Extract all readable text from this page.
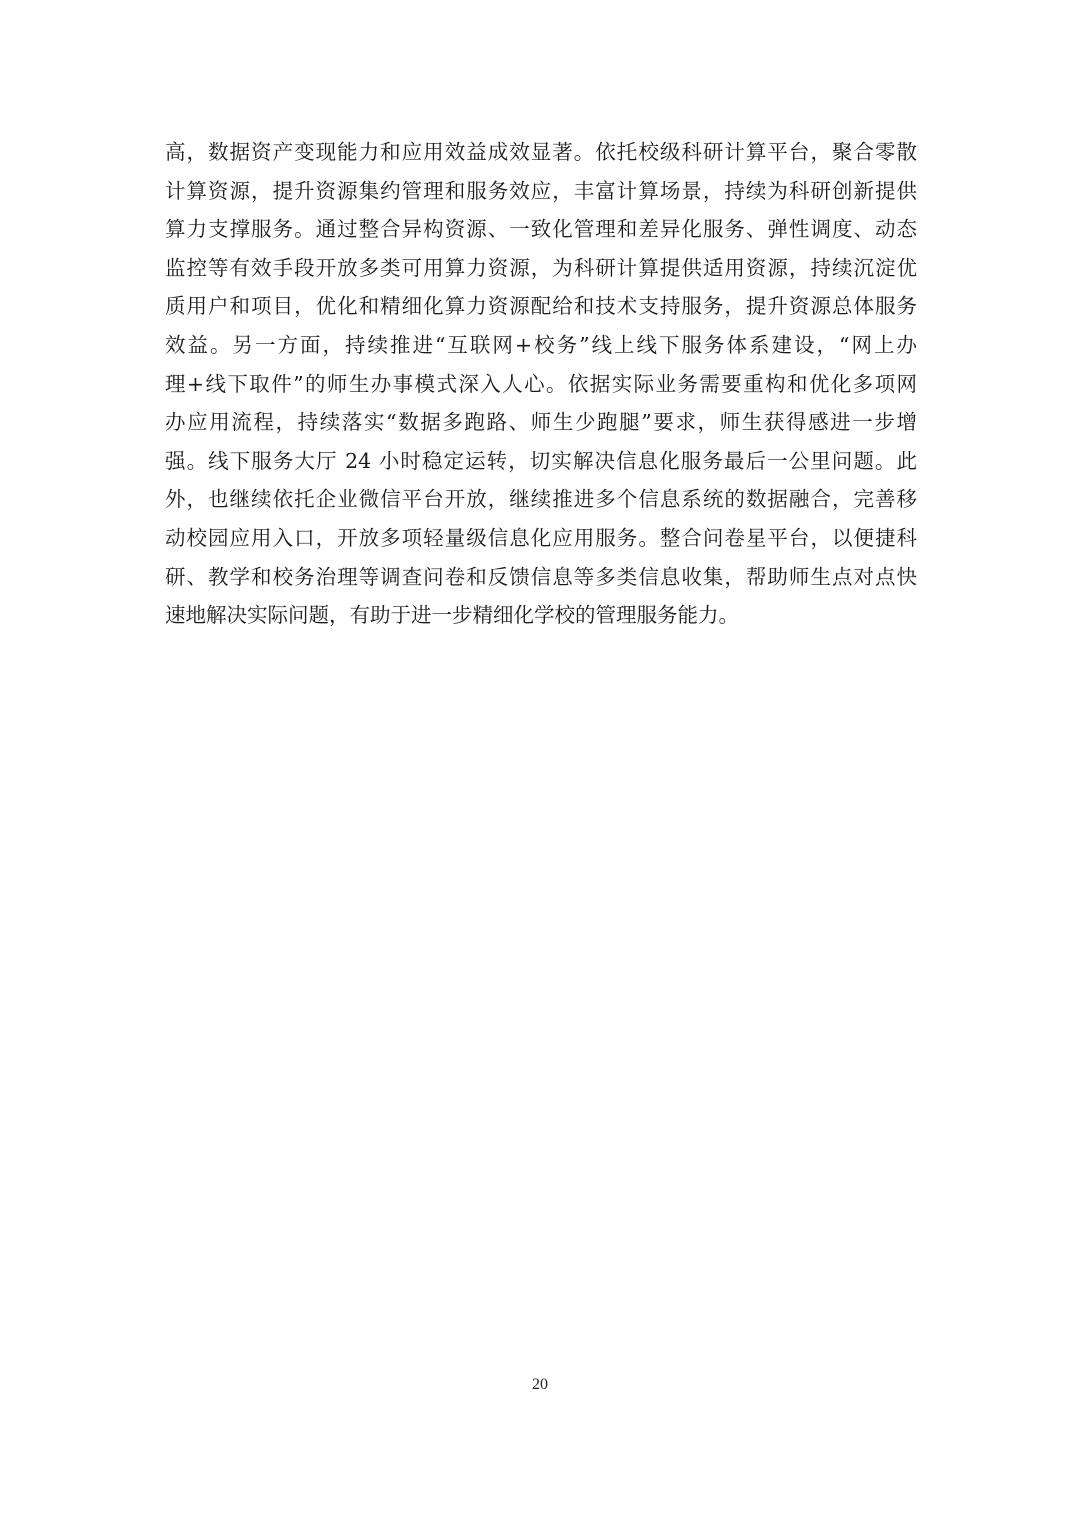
高，数据资产变现能力和应用效益成效显著。依托校级科研计算平台，聚合零散
计算资源，提升资源集约管理和服务效应，丰富计算场景，持续为科研创新提供
算力支撑服务。通过整合异构资源、一致化管理和差异化服务、弹性调度、动态
监控等有效手段开放多类可用算力资源，为科研计算提供适用资源，持续沉淀优
质用户和项目，优化和精细化算力资源配给和技术支持服务，提升资源总体服务
效益。另一方面，持续推进“互联网+校务”线上线下服务体系建设，“网上办
理+线下取件”的师生办事模式深入人心。依据实际业务需要重构和优化多项网
办应用流程，持续落实“数据多跑路、师生少跑腿”要求，师生获得感进一步增
强。线下服务大厅 24 小时稳定运转，切实解决信息化服务最后一公里问题。此
外，也继续依托企业微信平台开放，继续推进多个信息系统的数据融合，完善移
动校园应用入口，开放多项轻量级信息化应用服务。整合问卷星平台，以便捷科
研、教学和校务治理等调查问卷和反馈信息等多类信息收集，帮助师生点对点快
速地解决实际问题，有助于进一步精细化学校的管理服务能力。
20
